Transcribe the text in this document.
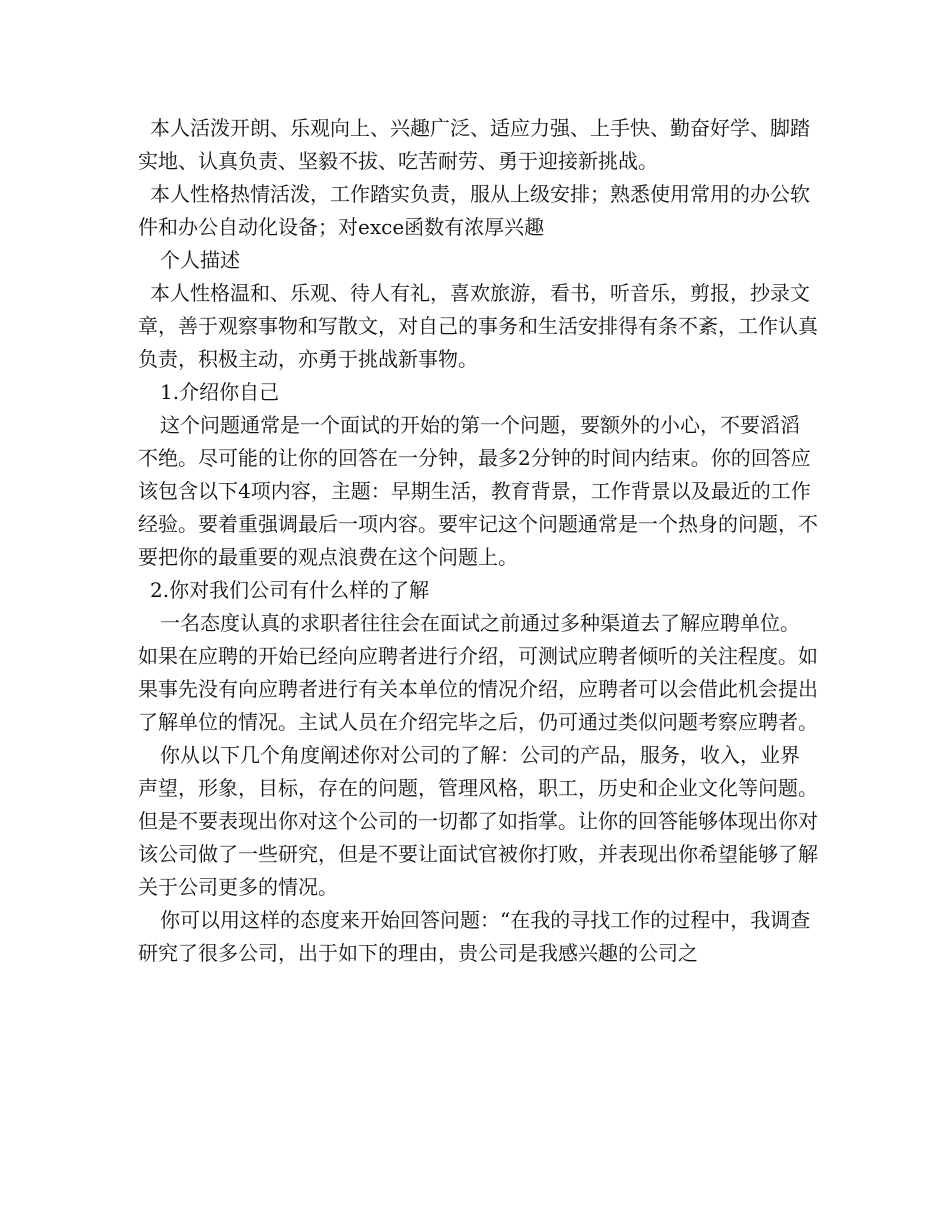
本人活泼开朗、乐观向上、兴趣广泛、适应力强、上手快、勤奋好学、脚踏实地、认真负责、坚毅不拔、吃苦耐劳、勇于迎接新挑战。

本人性格热情活泼，工作踏实负责，服从上级安排；熟悉使用常用的办公软件和办公自动化设备；对exce函数有浓厚兴趣

个人描述

本人性格温和、乐观、待人有礼，喜欢旅游，看书，听音乐，剪报，抄录文章，善于观察事物和写散文，对自己的事务和生活安排得有条不紊，工作认真负责，积极主动，亦勇于挑战新事物。

1.介绍你自己

这个问题通常是一个面试的开始的第一个问题，要额外的小心，不要滔滔不绝。尽可能的让你的回答在一分钟，最多2分钟的时间内结束。你的回答应该包含以下4项内容，主题：早期生活，教育背景，工作背景以及最近的工作经验。要着重强调最后一项内容。要牢记这个问题通常是一个热身的问题，不要把你的最重要的观点浪费在这个问题上。

2.你对我们公司有什么样的了解

一名态度认真的求职者往往会在面试之前通过多种渠道去了解应聘单位。如果在应聘的开始已经向应聘者进行介绍，可测试应聘者倾听的关注程度。如果事先没有向应聘者进行有关本单位的情况介绍，应聘者可以会借此机会提出了解单位的情况。主试人员在介绍完毕之后，仍可通过类似问题考察应聘者。

你从以下几个角度阐述你对公司的了解：公司的产品，服务，收入，业界声望，形象，目标，存在的问题，管理风格，职工，历史和企业文化等问题。但是不要表现出你对这个公司的一切都了如指掌。让你的回答能够体现出你对该公司做了一些研究，但是不要让面试官被你打败，并表现出你希望能够了解关于公司更多的情况。

你可以用这样的态度来开始回答问题：“在我的寻找工作的过程中，我调查研究了很多公司，出于如下的理由，贵公司是我感兴趣的公司之
